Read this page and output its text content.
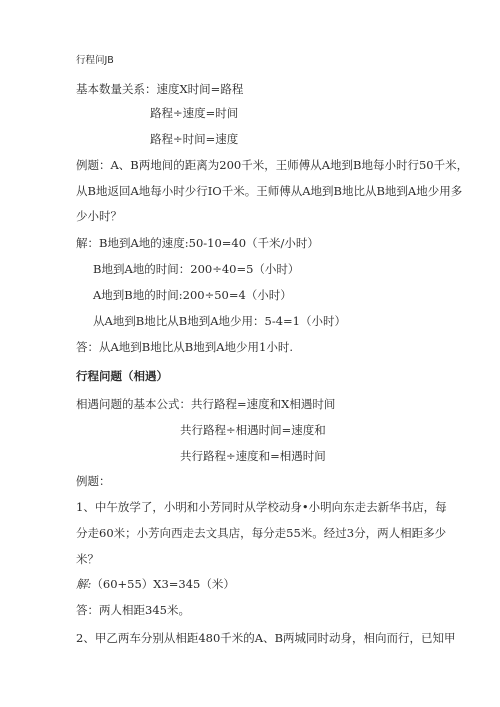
行程问JB
基本数量关系：速度X时间=路程
路程÷速度=时间
路程÷时间=速度
例题：A、B两地间的距离为200千米，王师傅从A地到B地每小时行50千米，
从B地返回A地每小时少行IO千米。王师傅从A地到B地比从B地到A地少用多
少小时？
解：B地到A地的速度:50-10=40（千米/小时）
B地到A地的时间：200÷40=5（小时）
A地到B地的时间:200÷50=4（小时）
从A地到B地比从B地到A地少用：5-4=1（小时）
答：从A地到B地比从B地到A地少用1小时.
行程问题（相遇）
相遇问题的基本公式：共行路程=速度和X相遇时间
共行路程÷相遇时间=速度和
共行路程÷速度和=相遇时间
例题：
1、中午放学了，小明和小芳同时从学校动身•小明向东走去新华书店，每
分走60米；小芳向西走去文具店，每分走55米。经过3分，两人相距多少
米？
解:（60+55）X3=345（米）
答：两人相距345米。
2、甲乙两车分别从相距480千米的A、B两城同时动身，相向而行，已知甲
